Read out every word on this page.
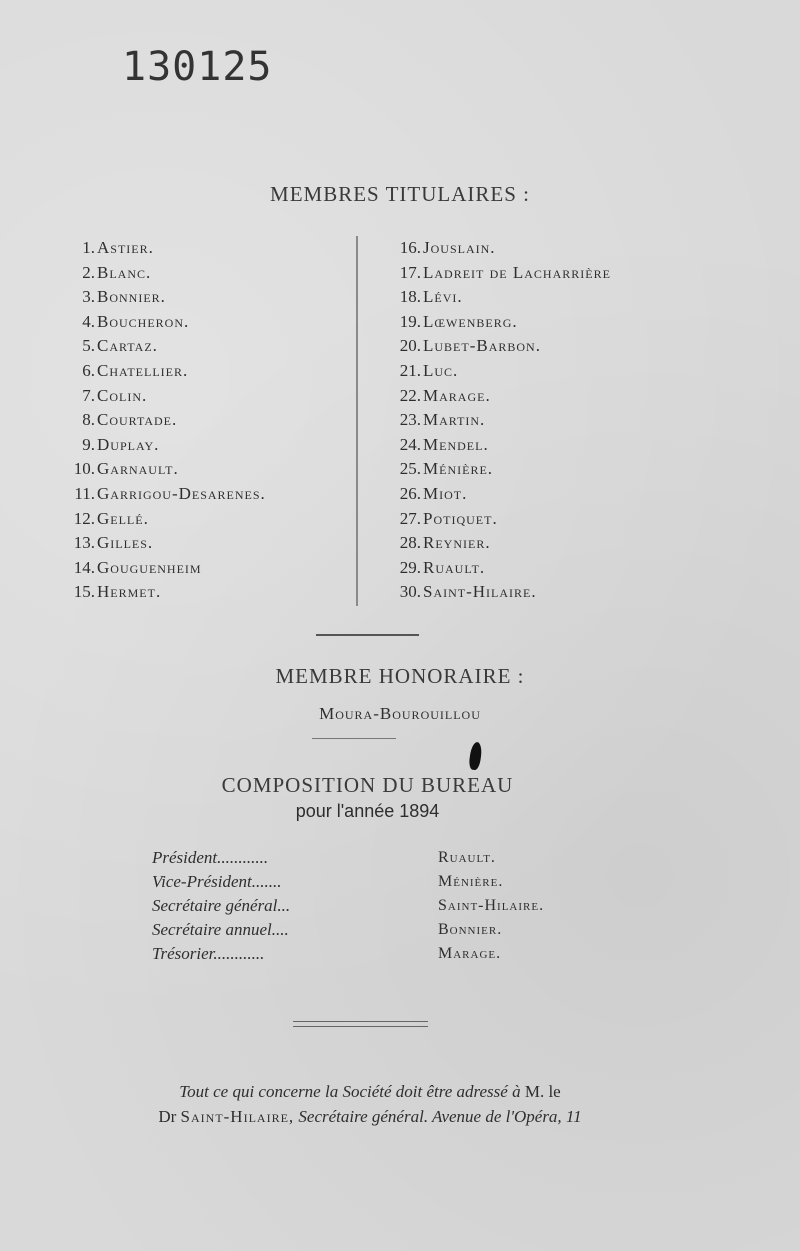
130125
MEMBRES TITULAIRES :
1. Astier.
2. Blanc.
3. Bonnier.
4. Boucheron.
5. Cartaz.
6. Chatellier.
7. Colin.
8. Courtade.
9. Duplay.
10. Garnault.
11. Garrigou-Desarenes.
12. Gellé.
13. Gilles.
14. Gouguenheim
15. Hermet.
16. Jouslain.
17. Ladreit de Lacharrière
18. Lévi.
19. Lœwenberg.
20. Lubet-Barbon.
21. Luc.
22. Marage.
23. Martin.
24. Mendel.
25. Ménière.
26. Miot.
27. Potiquet.
28. Reynier.
29. Ruault.
30. Saint-Hilaire.
MEMBRE HONORAIRE :
Moura-Bourouillou
COMPOSITION DU BUREAU
pour l'année 1894
Président............	Ruault.
Vice-Président.......	Ménière.
Secrétaire général...	Saint-Hilaire.
Secrétaire annuel....	Bonnier.
Trésorier............	Marage.
Tout ce qui concerne la Société doit être adressé à M. le
Dr Saint-Hilaire, Secrétaire général. Avenue de l'Opéra, 11
